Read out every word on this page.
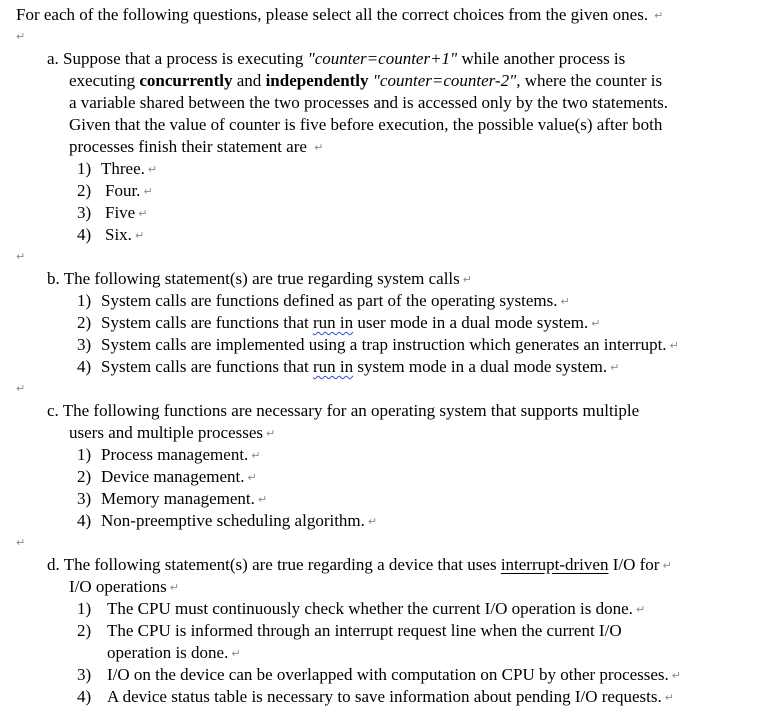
For each of the following questions, please select all the correct choices from the given ones. ↵
↵
a. Suppose that a process is executing "counter=counter+1" while another process is
executing concurrently and independently "counter=counter-2", where the counter is
a variable shared between the two processes and is accessed only by the two statements.
Given that the value of counter is five before execution, the possible value(s) after both
processes finish their statement are ↵
1) Three. ↵
2) Four. ↵
3) Five ↵
4) Six. ↵
↵
b. The following statement(s) are true regarding system calls ↵
1) System calls are functions defined as part of the operating systems. ↵
2) System calls are functions that run in user mode in a dual mode system. ↵
3) System calls are implemented using a trap instruction which generates an interrupt. ↵
4) System calls are functions that run in system mode in a dual mode system. ↵
↵
c. The following functions are necessary for an operating system that supports multiple
users and multiple processes ↵
1) Process management. ↵
2) Device management. ↵
3) Memory management. ↵
4) Non-preemptive scheduling algorithm. ↵
↵
d. The following statement(s) are true regarding a device that uses interrupt-driven I/O for ↵
I/O operations ↵
1) The CPU must continuously check whether the current I/O operation is done. ↵
2) The CPU is informed through an interrupt request line when the current I/O
operation is done. ↵
3) I/O on the device can be overlapped with computation on CPU by other processes. ↵
4) A device status table is necessary to save information about pending I/O requests. ↵
